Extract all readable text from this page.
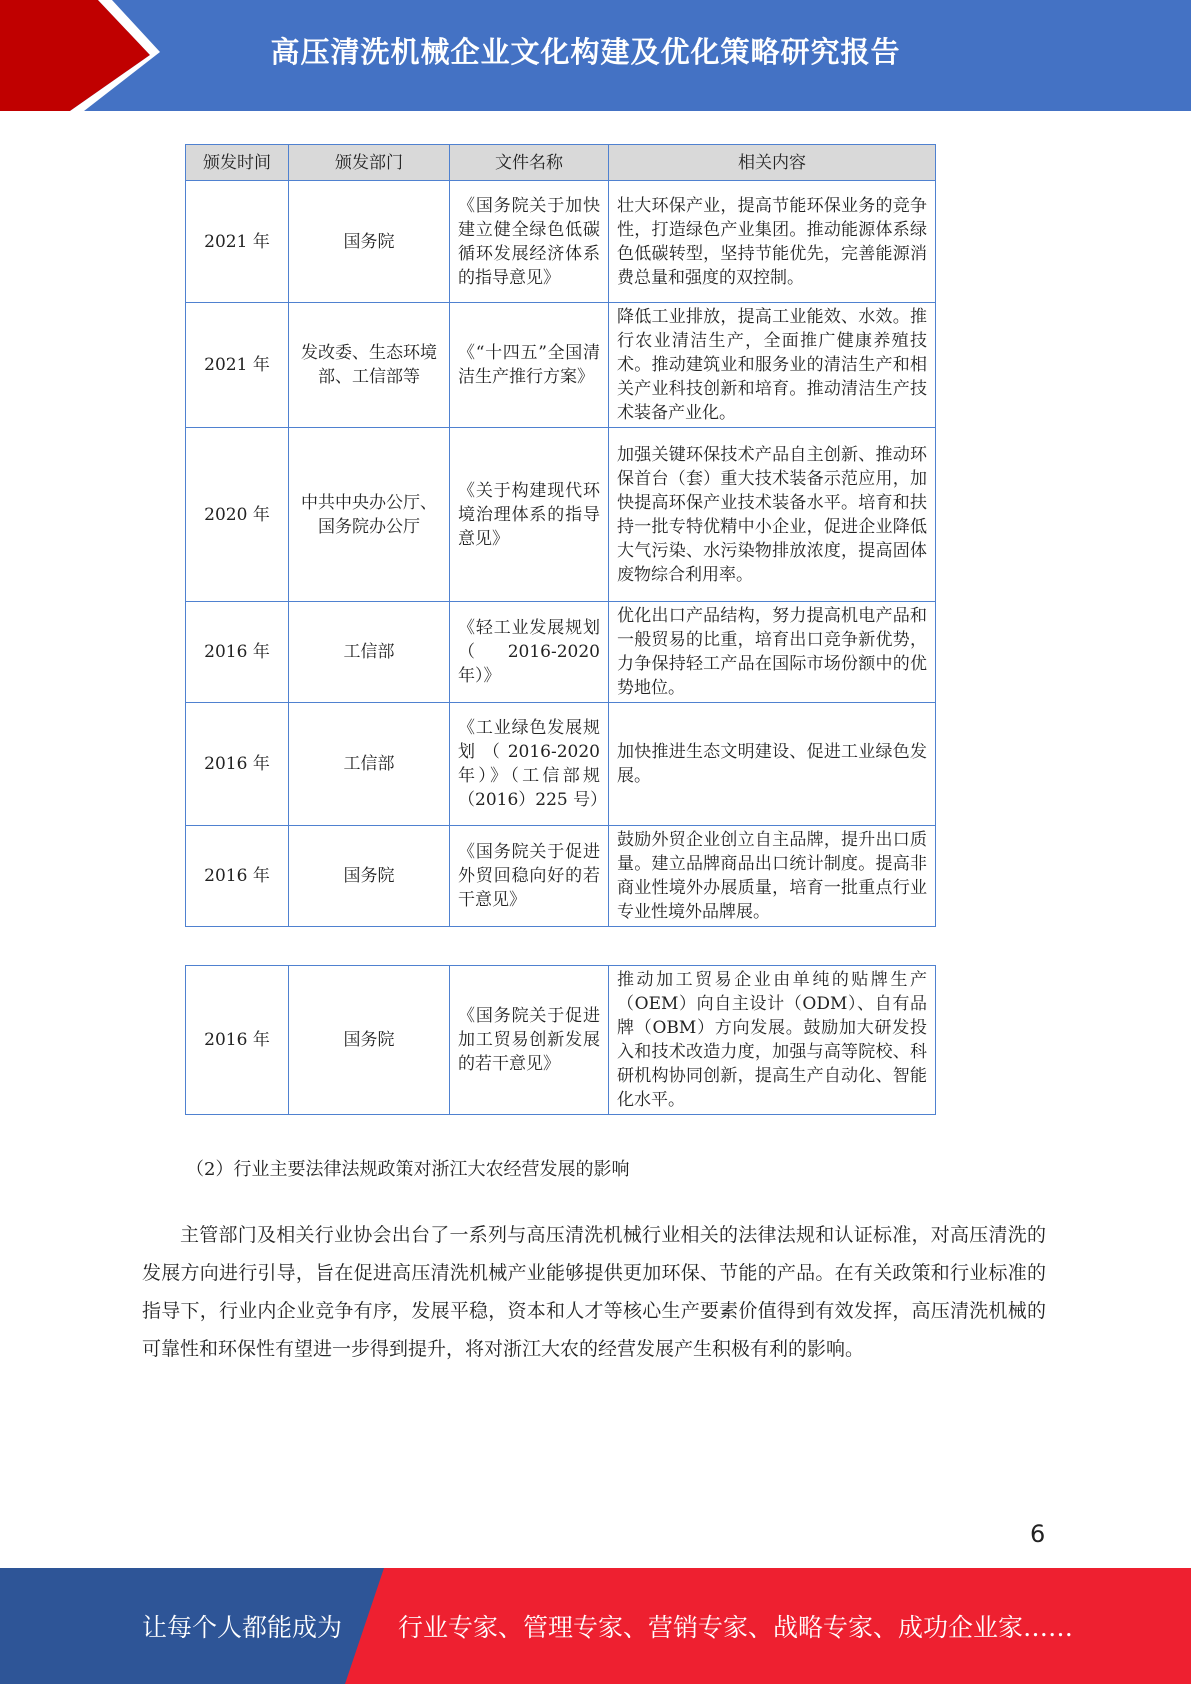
高压清洗机械企业文化构建及优化策略研究报告
颁发时间	颁发部门	文件名称	相关内容
2021 年	国务院	《国务院关于加快建立健全绿色低碳循环发展经济体系的指导意见》	壮大环保产业，提高节能环保业务的竞争性，打造绿色产业集团。推动能源体系绿色低碳转型，坚持节能优先，完善能源消费总量和强度的双控制。
2021 年	发改委、生态环境部、工信部等	《“十四五”全国清洁生产推行方案》	降低工业排放，提高工业能效、水效。推行农业清洁生产，全面推广健康养殖技术。推动建筑业和服务业的清洁生产和相关产业科技创新和培育。推动清洁生产技术装备产业化。
2020 年	中共中央办公厅、国务院办公厅	《关于构建现代环境治理体系的指导意见》	加强关键环保技术产品自主创新、推动环保首台（套）重大技术装备示范应用，加快提高环保产业技术装备水平。培育和扶持一批专特优精中小企业，促进企业降低大气污染、水污染物排放浓度，提高固体废物综合利用率。
2016 年	工信部	《轻工业发展规划（ 2016-2020 年）》	优化出口产品结构，努力提高机电产品和一般贸易的比重，培育出口竞争新优势，力争保持轻工产品在国际市场份额中的优势地位。
2016 年	工信部	《工业绿色发展规划（2016-2020 年）》（工信部规（2016）225 号）	加快推进生态文明建设、促进工业绿色发展。
2016 年	国务院	《国务院关于促进外贸回稳向好的若干意见》	鼓励外贸企业创立自主品牌，提升出口质量。建立品牌商品出口统计制度。提高非商业性境外办展质量，培育一批重点行业专业性境外品牌展。
2016 年	国务院	《国务院关于促进加工贸易创新发展的若干意见》	推动加工贸易企业由单纯的贴牌生产（OEM）向自主设计（ODM）、自有品牌（OBM）方向发展。鼓励加大研发投入和技术改造力度，加强与高等院校、科研机构协同创新，提高生产自动化、智能化水平。
（2）行业主要法律法规政策对浙江大农经营发展的影响

主管部门及相关行业协会出台了一系列与高压清洗机械行业相关的法律法规和认证标准，对高压清洗的发展方向进行引导，旨在促进高压清洗机械产业能够提供更加环保、节能的产品。在有关政策和行业标准的指导下，行业内企业竞争有序，发展平稳，资本和人才等核心生产要素价值得到有效发挥，高压清洗机械的可靠性和环保性有望进一步得到提升，将对浙江大农的经营发展产生积极有利的影响。

6
让每个人都能成为 行业专家、管理专家、营销专家、战略专家、成功企业家……
